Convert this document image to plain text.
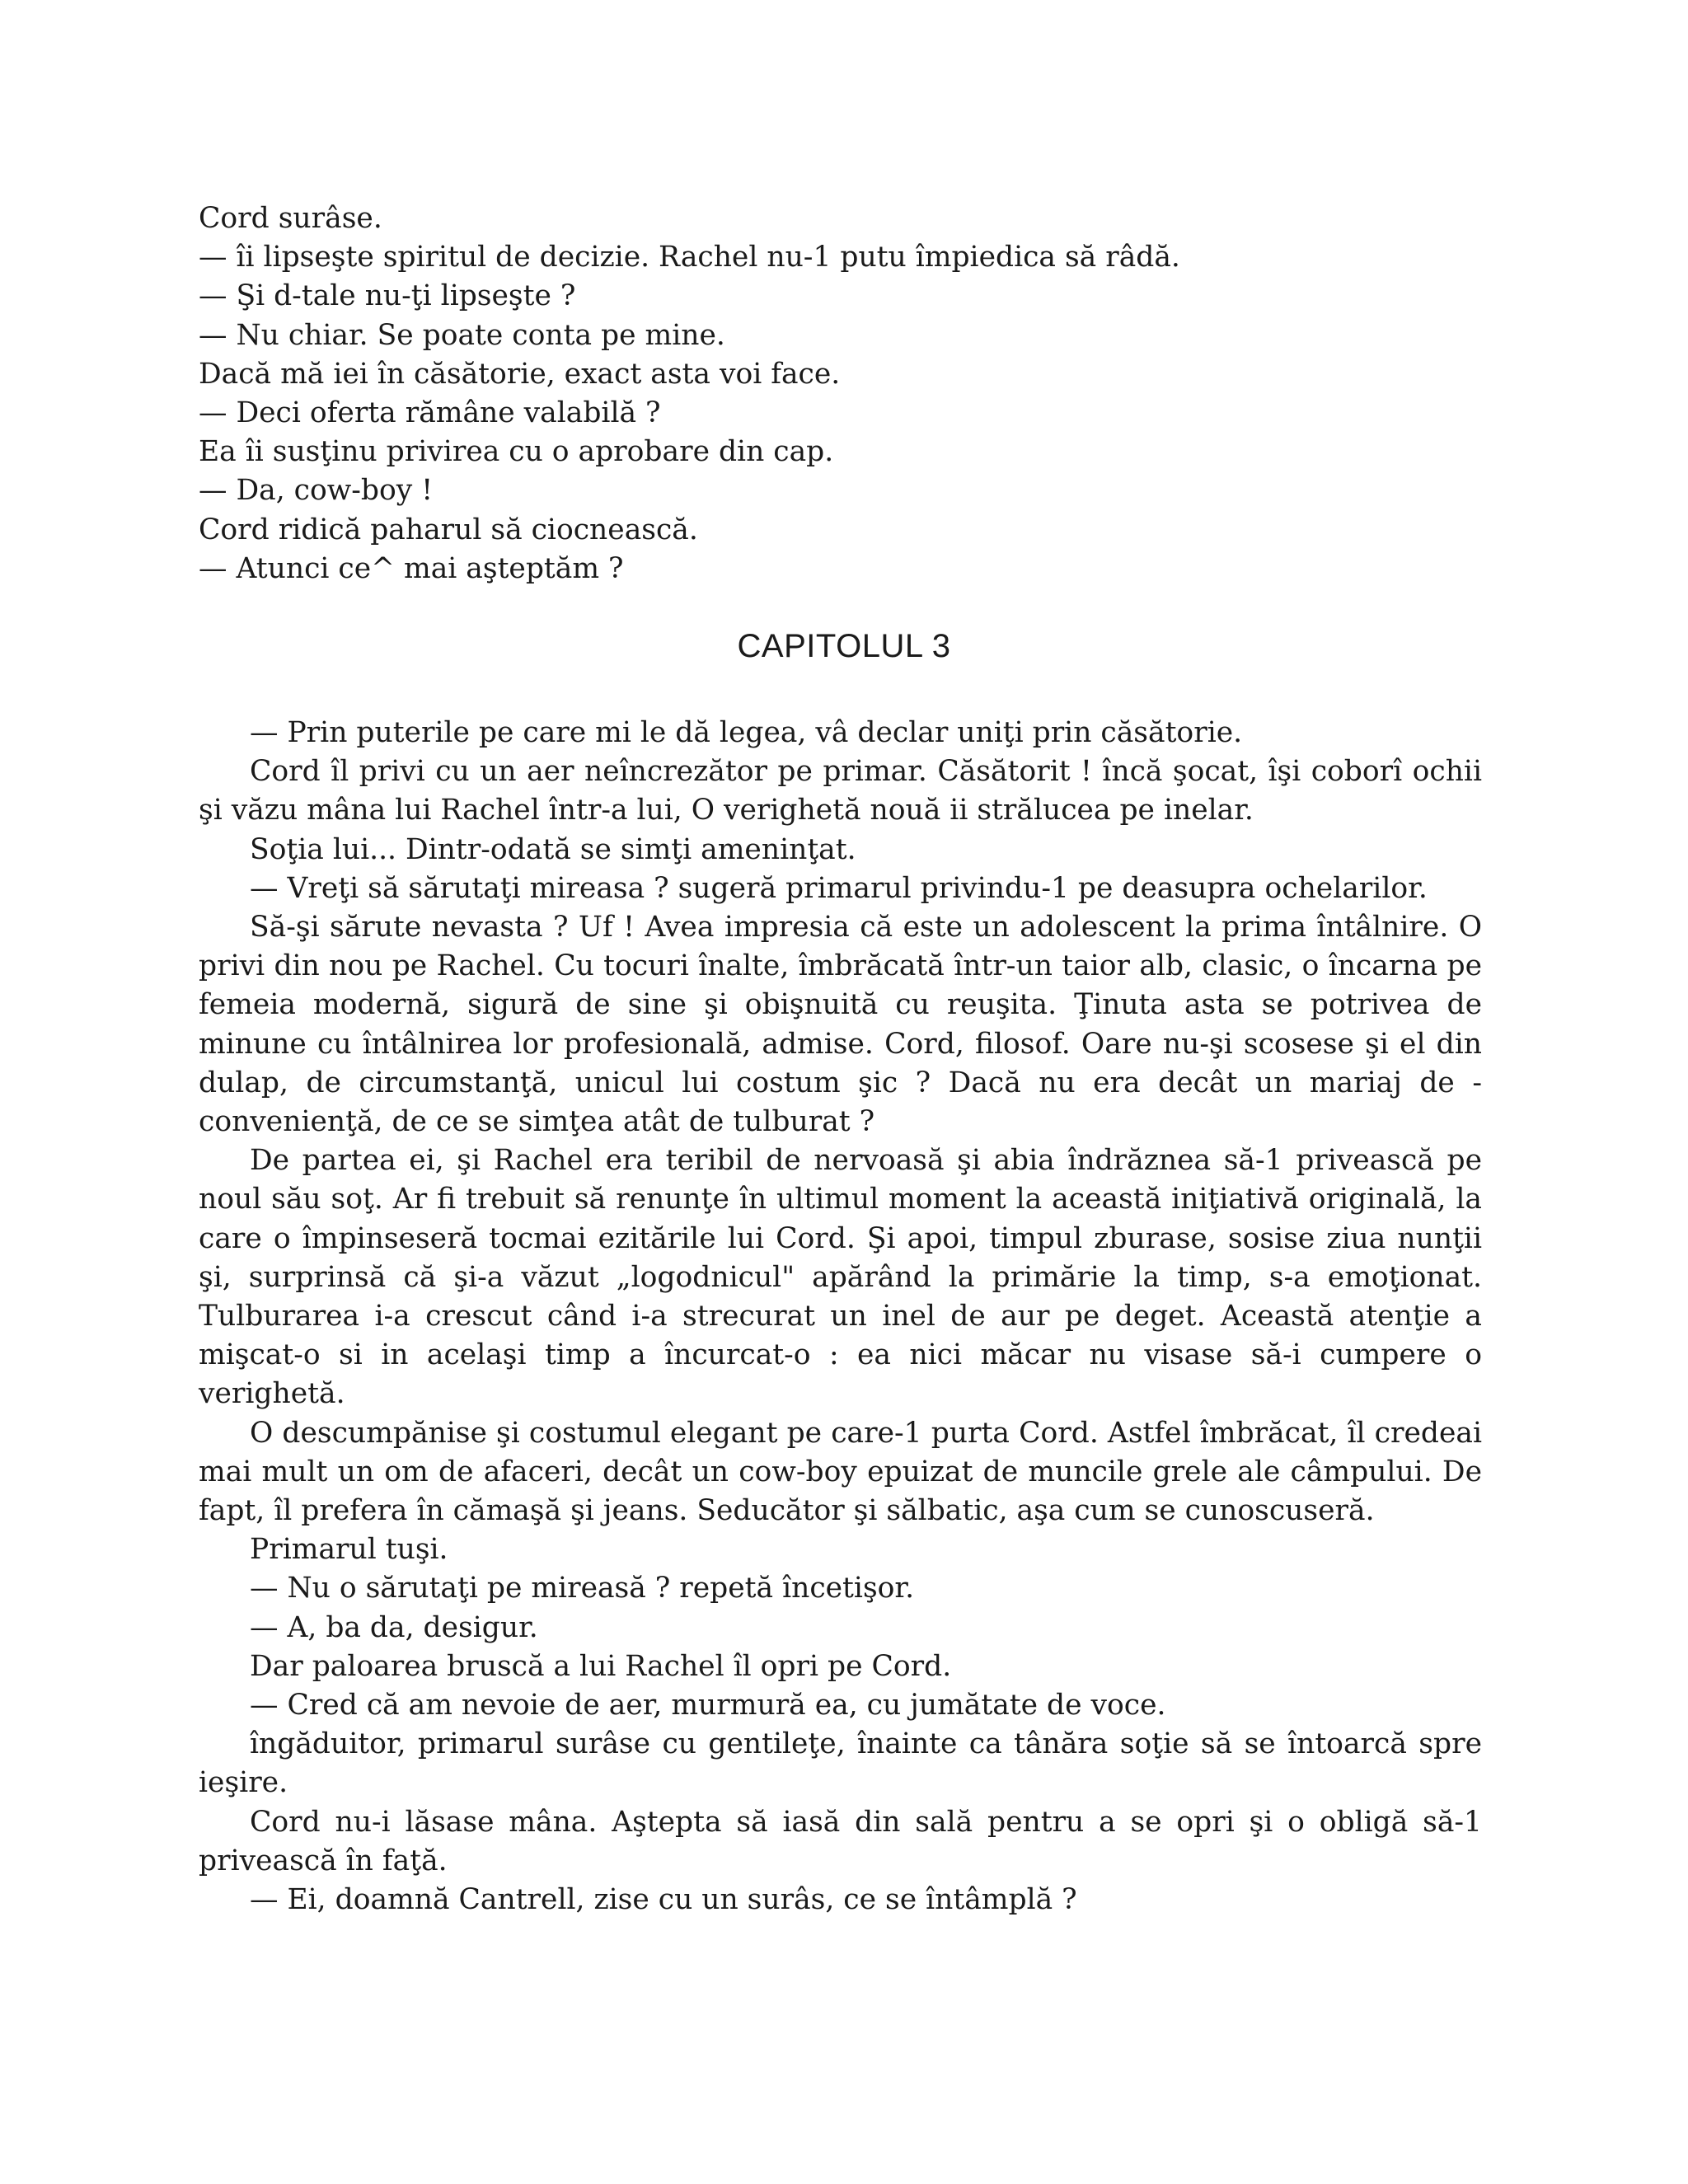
Cord surâse.

— îi lipseşte spiritul de decizie. Rachel nu-1 putu împiedica să râdă.

— Şi d-tale nu-ţi lipseşte ?

— Nu chiar. Se poate conta pe mine.

Dacă mă iei în căsătorie, exact asta voi face.

— Deci oferta rămâne valabilă ?

Ea îi susţinu privirea cu o aprobare din cap.

— Da, cow-boy !

Cord ridică paharul să ciocnească.

— Atunci ce^ mai aşteptăm ?

CAPITOLUL 3

— Prin puterile pe care mi le dă legea, vâ declar uniţi prin căsătorie.

Cord îl privi cu un aer neîncrezător pe primar. Căsătorit ! încă şocat, îşi coborî ochii şi văzu mâna lui Rachel într-a lui, O verighetă nouă ii strălucea pe inelar.

Soţia lui... Dintr-odată se simţi ameninţat.

— Vreţi să sărutaţi mireasa ? sugeră primarul privindu-1 pe deasupra ochelarilor.

Să-şi sărute nevasta ? Uf ! Avea impresia că este un adolescent la prima întâlnire. O privi din nou pe Rachel. Cu tocuri înalte, îmbrăcată într-un taior alb, clasic, o încarna pe femeia modernă, sigură de sine şi obişnuită cu reuşita. Ţinuta asta se potrivea de minune cu întâlnirea lor profesională, admise. Cord, filosof. Oare nu-şi scosese şi el din dulap, de circumstanţă, unicul lui costum şic ? Dacă nu era decât un mariaj de -convenienţă, de ce se simţea atât de tulburat ?

De partea ei, şi Rachel era teribil de nervoasă şi abia îndrăznea să-1 privească pe noul său soţ. Ar fi trebuit să renunţe în ultimul moment la această iniţiativă originală, la care o împinseseră tocmai ezitările lui Cord. Şi apoi, timpul zburase, sosise ziua nunţii şi, surprinsă că şi-a văzut „logodnicul" apărând la primărie la timp, s-a emoţionat. Tulburarea i-a crescut când i-a strecurat un inel de aur pe deget. Această atenţie a mişcat-o si in acelaşi timp a încurcat-o : ea nici măcar nu visase să-i cumpere o verighetă.

O descumpănise şi costumul elegant pe care-1 purta Cord. Astfel îmbrăcat, îl credeai mai mult un om de afaceri, decât un cow-boy epuizat de muncile grele ale câmpului. De fapt, îl prefera în cămaşă şi jeans. Seducător şi sălbatic, aşa cum se cunoscuseră.

Primarul tuşi.

— Nu o sărutaţi pe mireasă ? repetă încetişor.

— A, ba da, desigur.

Dar paloarea bruscă a lui Rachel îl opri pe Cord.

— Cred că am nevoie de aer, murmură ea, cu jumătate de voce.

îngăduitor, primarul surâse cu gentileţe, înainte ca tânăra soţie să se întoarcă spre ieşire.

Cord nu-i lăsase mâna. Aştepta să iasă din sală pentru a se opri şi o obligă să-1 privească în faţă.

— Ei, doamnă Cantrell, zise cu un surâs, ce se întâmplă ?
